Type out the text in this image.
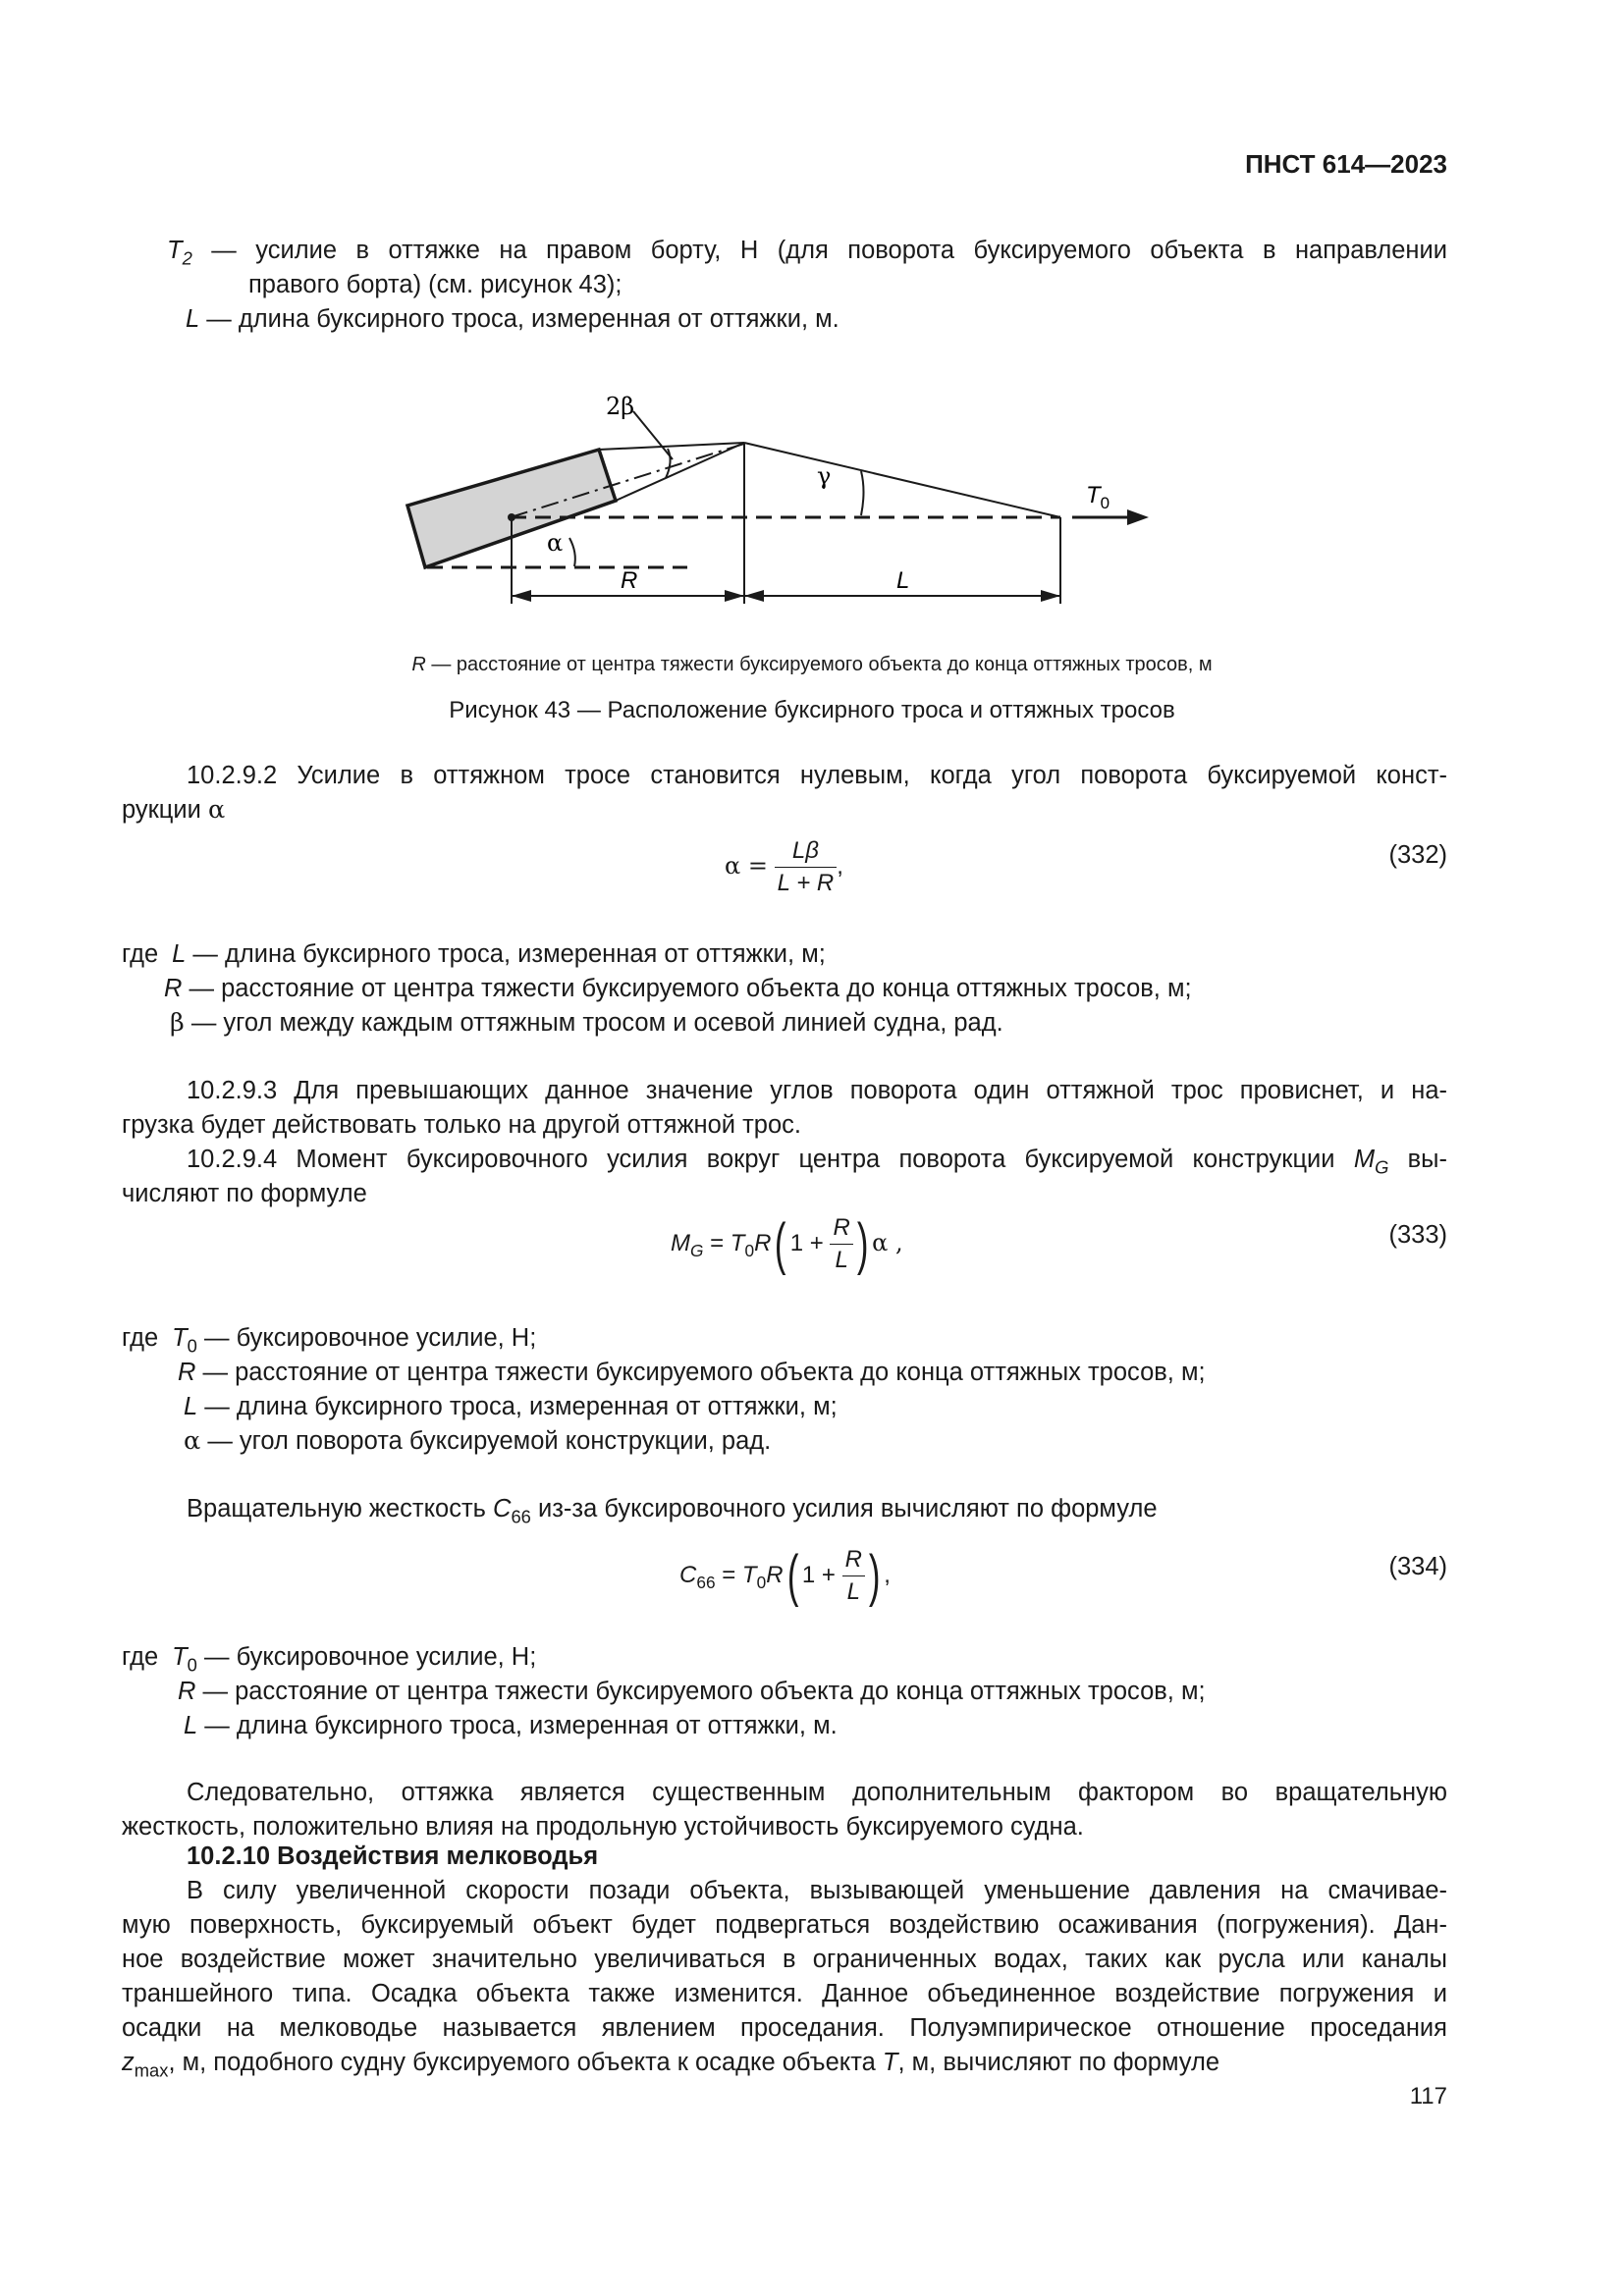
ПНСТ 614—2023
$T_2$ — усилие в оттяжке на правом борту, Н (для поворота буксируемого объекта в направлении
правого борта) (см. рисунок 43);
L — длина буксирного троса, измеренная от оттяжки, м.
2β
α
γ
$T_0$
R	L
R — расстояние от центра тяжести буксируемого объекта до конца оттяжных тросов, м
Рисунок 43 — Расположение буксирного троса и оттяжных тросов
10.2.9.2 Усилие в оттяжном тросе становится нулевым, когда угол поворота буксируемой конст-
рукции α
$\alpha = \frac{L\beta}{L + R}$ ,	(332)
где L — длина буксирного троса, измеренная от оттяжки, м;
R — расстояние от центра тяжести буксируемого объекта до конца оттяжных тросов, м;
β — угол между каждым оттяжным тросом и осевой линией судна, рад.
10.2.9.3 Для превышающих данное значение углов поворота один оттяжной трос провиснет, и на-
грузка будет действовать только на другой оттяжной трос.
10.2.9.4 Момент буксировочного усилия вокруг центра поворота буксируемой конструкции $M_G$ вы-
числяют по формуле
$M_G = T_0R$( $1 + \frac{R}{L}$ ) α ,	(333)
где $T_0$ — буксировочное усилие, Н;
R — расстояние от центра тяжести буксируемого объекта до конца оттяжных тросов, м;
L — длина буксирного троса, измеренная от оттяжки, м;
α — угол поворота буксируемой конструкции, рад.
Вращательную жесткость $C_{66}$ из-за буксировочного усилия вычисляют по формуле
$C_{66} = T_0R$( $1 + \frac{R}{L}$ ) ,	(334)
где $T_0$ — буксировочное усилие, Н;
R — расстояние от центра тяжести буксируемого объекта до конца оттяжных тросов, м;
L — длина буксирного троса, измеренная от оттяжки, м.
Следовательно, оттяжка является существенным дополнительным фактором во вращательную
жесткость, положительно влияя на продольную устойчивость буксируемого судна.
10.2.10 Воздействия мелководья
В силу увеличенной скорости позади объекта, вызывающей уменьшение давления на смачивае-
мую поверхность, буксируемый объект будет подвергаться воздействию осаживания (погружения). Дан-
ное воздействие может значительно увеличиваться в ограниченных водах, таких как русла или каналы
траншейного типа. Осадка объекта также изменится. Данное объединенное воздействие погружения и
осадки на мелководье называется явлением проседания. Полуэмпирическое отношение проседания
$z_{max}$, м, подобного судну буксируемого объекта к осадке объекта T, м, вычисляют по формуле
117
